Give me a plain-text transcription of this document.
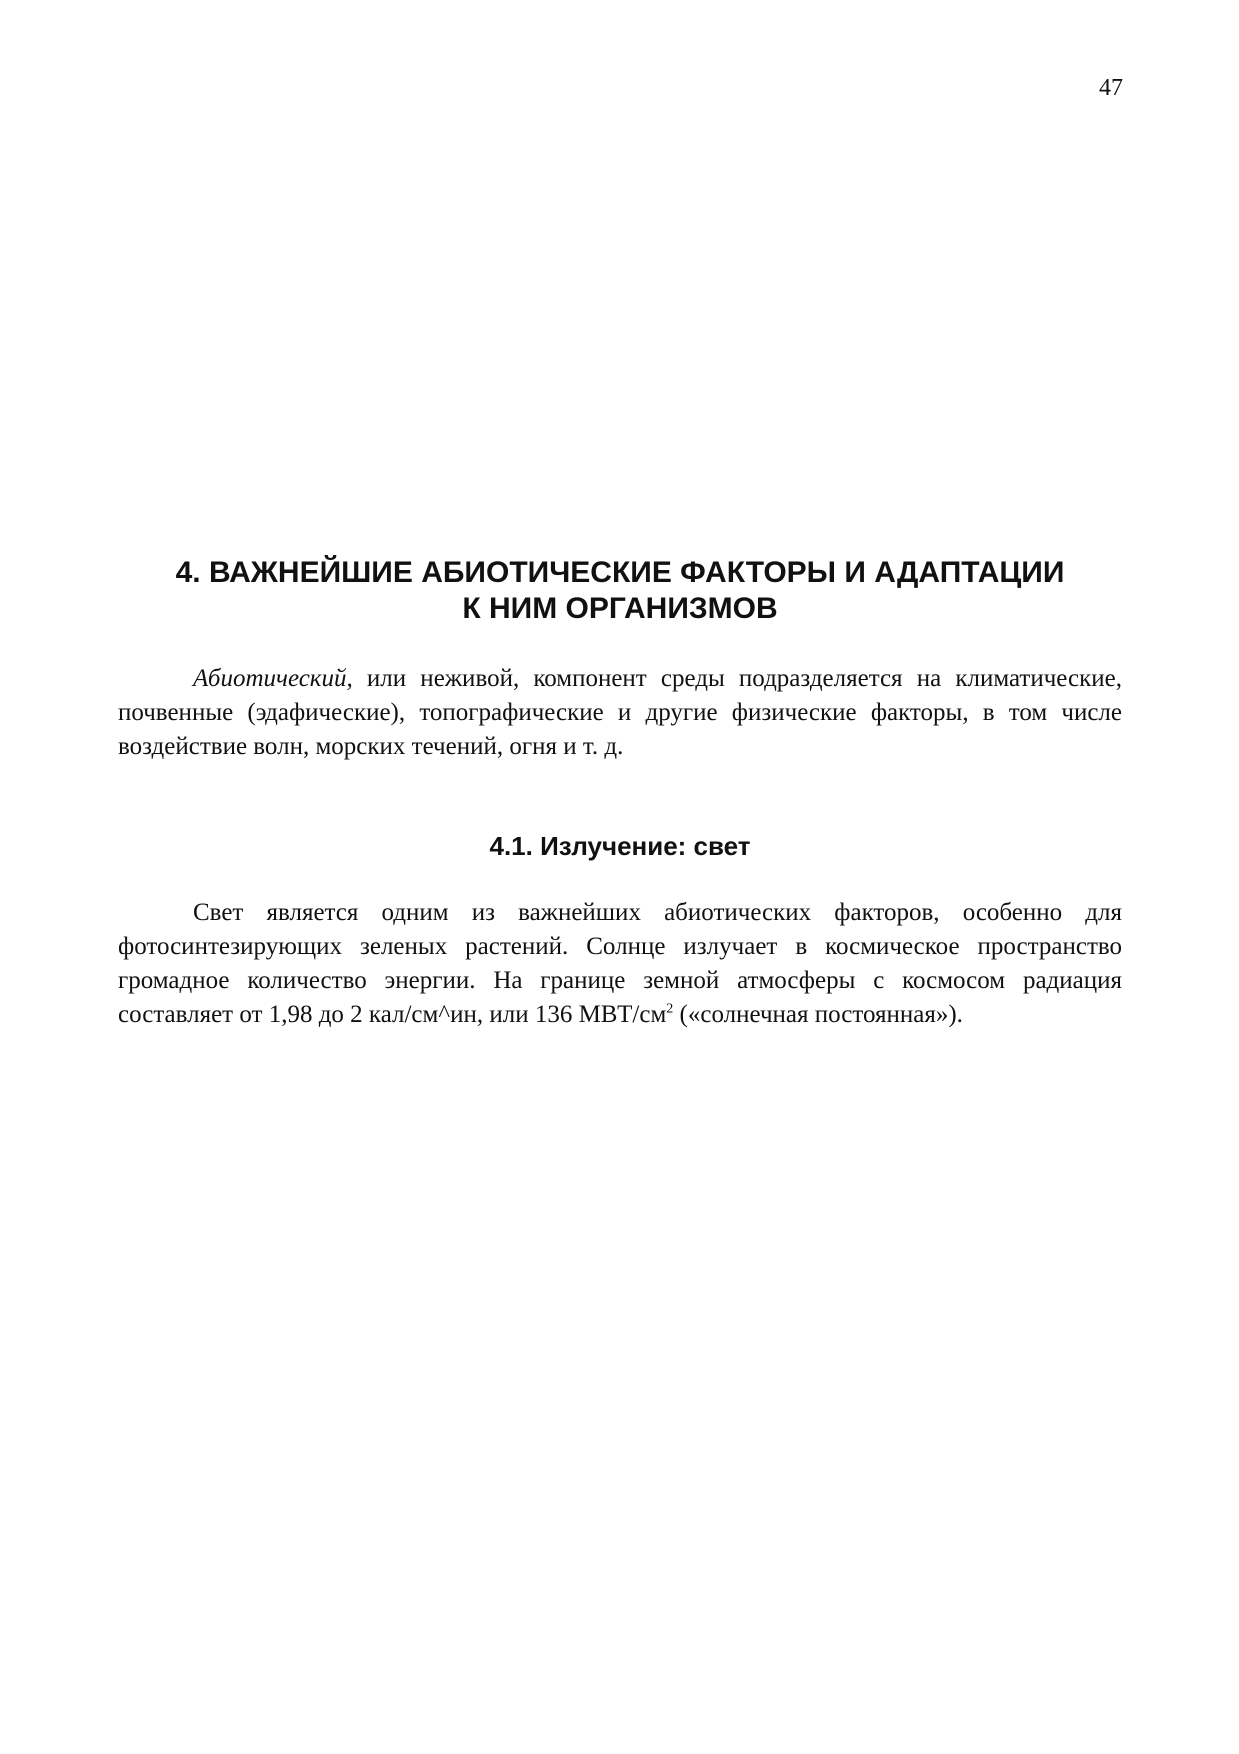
47
4. ВАЖНЕЙШИЕ АБИОТИЧЕСКИЕ ФАКТОРЫ И АДАПТАЦИИ
К НИМ ОРГАНИЗМОВ

Абиотический, или неживой, компонент среды подразделяется на климатические, почвенные (эдафические), топографические и другие физические факторы, в том числе воздействие волн, морских течений, огня и т. д.

4.1. Излучение: свет

Свет является одним из важнейших абиотических факторов, особенно для фотосинтезирующих зеленых растений. Солнце излучает в космическое пространство громадное количество энергии. На границе земной атмосферы с космосом радиация составляет от 1,98 до 2 кал/см^ин, или 136 МВТ/$см^2$ («солнечная постоянная»).
